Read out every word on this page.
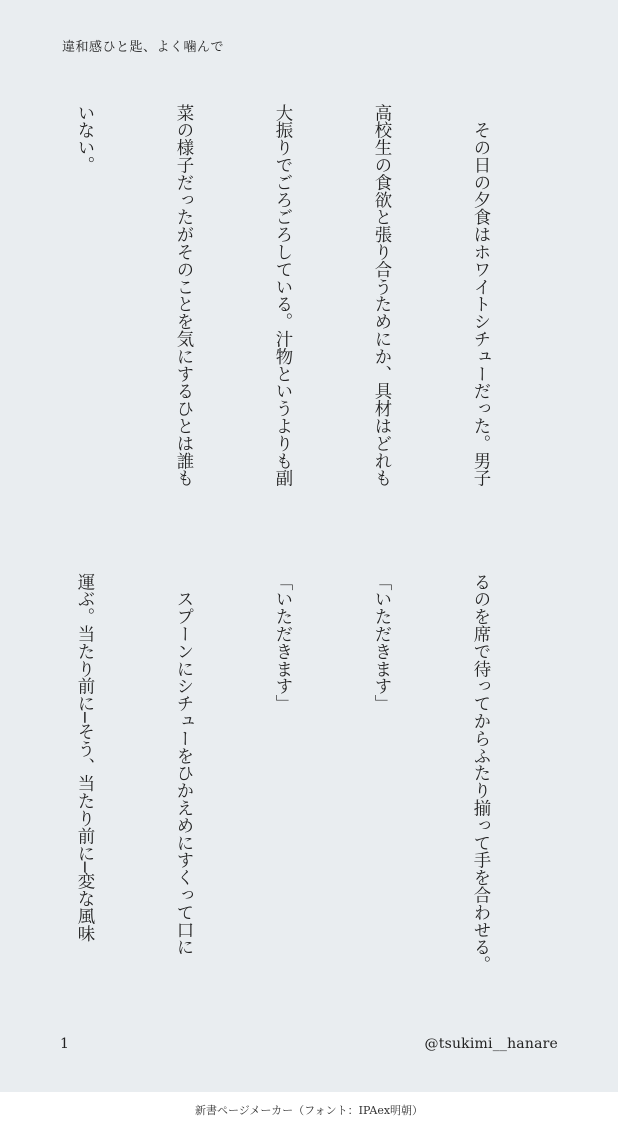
違和感ひと匙、よく噛んで

　その日の夕食はホワイトシチューだった。男子

高校生の食欲と張り合うためにか、具材はどれも

大振りでごろごろしている。汁物というよりも副

菜の様子だったがそのことを気にするひとは誰も

いない。

るのを席で待ってからふたり揃って手を合わせる。

「いただきます」

「いただきます」

　スプーンにシチューをひかえめにすくって口に

運ぶ。当たり前に─そう、当たり前に─変な風味

1	@tsukimi__hanare
新書ページメーカー（フォント：IPAex明朝）
